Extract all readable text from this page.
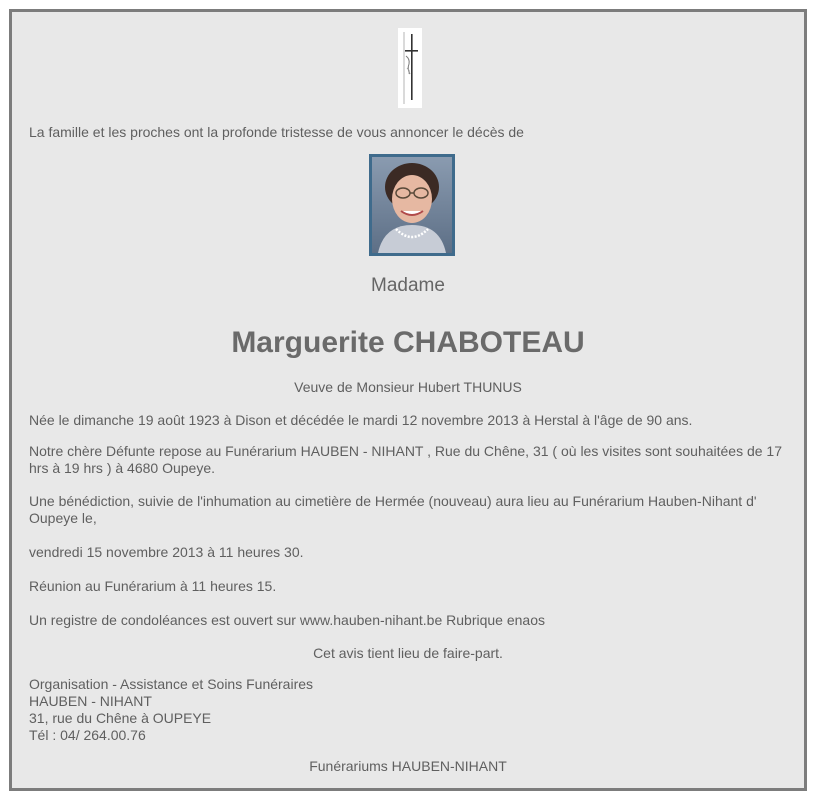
La famille et les proches ont la profonde tristesse de vous annoncer le décès de
Madame
Marguerite CHABOTEAU
Veuve de Monsieur Hubert THUNUS
Née le dimanche 19 août 1923 à Dison et décédée le mardi 12 novembre 2013 à Herstal à l'âge de 90 ans.
Notre chère Défunte repose au Funérarium HAUBEN - NIHANT , Rue du Chêne, 31 ( où les visites sont souhaitées de 17 hrs à 19 hrs ) à 4680 Oupeye.
Une bénédiction, suivie de l'inhumation au cimetière de Hermée (nouveau) aura lieu au Funérarium Hauben-Nihant d' Oupeye le,
vendredi 15 novembre 2013 à 11 heures 30.
Réunion au Funérarium à 11 heures 15.
Un registre de condoléances est ouvert sur www.hauben-nihant.be Rubrique enaos
Cet avis tient lieu de faire-part.
Organisation - Assistance et Soins Funéraires
HAUBEN - NIHANT
31, rue du Chêne à OUPEYE
Tél : 04/ 264.00.76
Funérariums HAUBEN-NIHANT
